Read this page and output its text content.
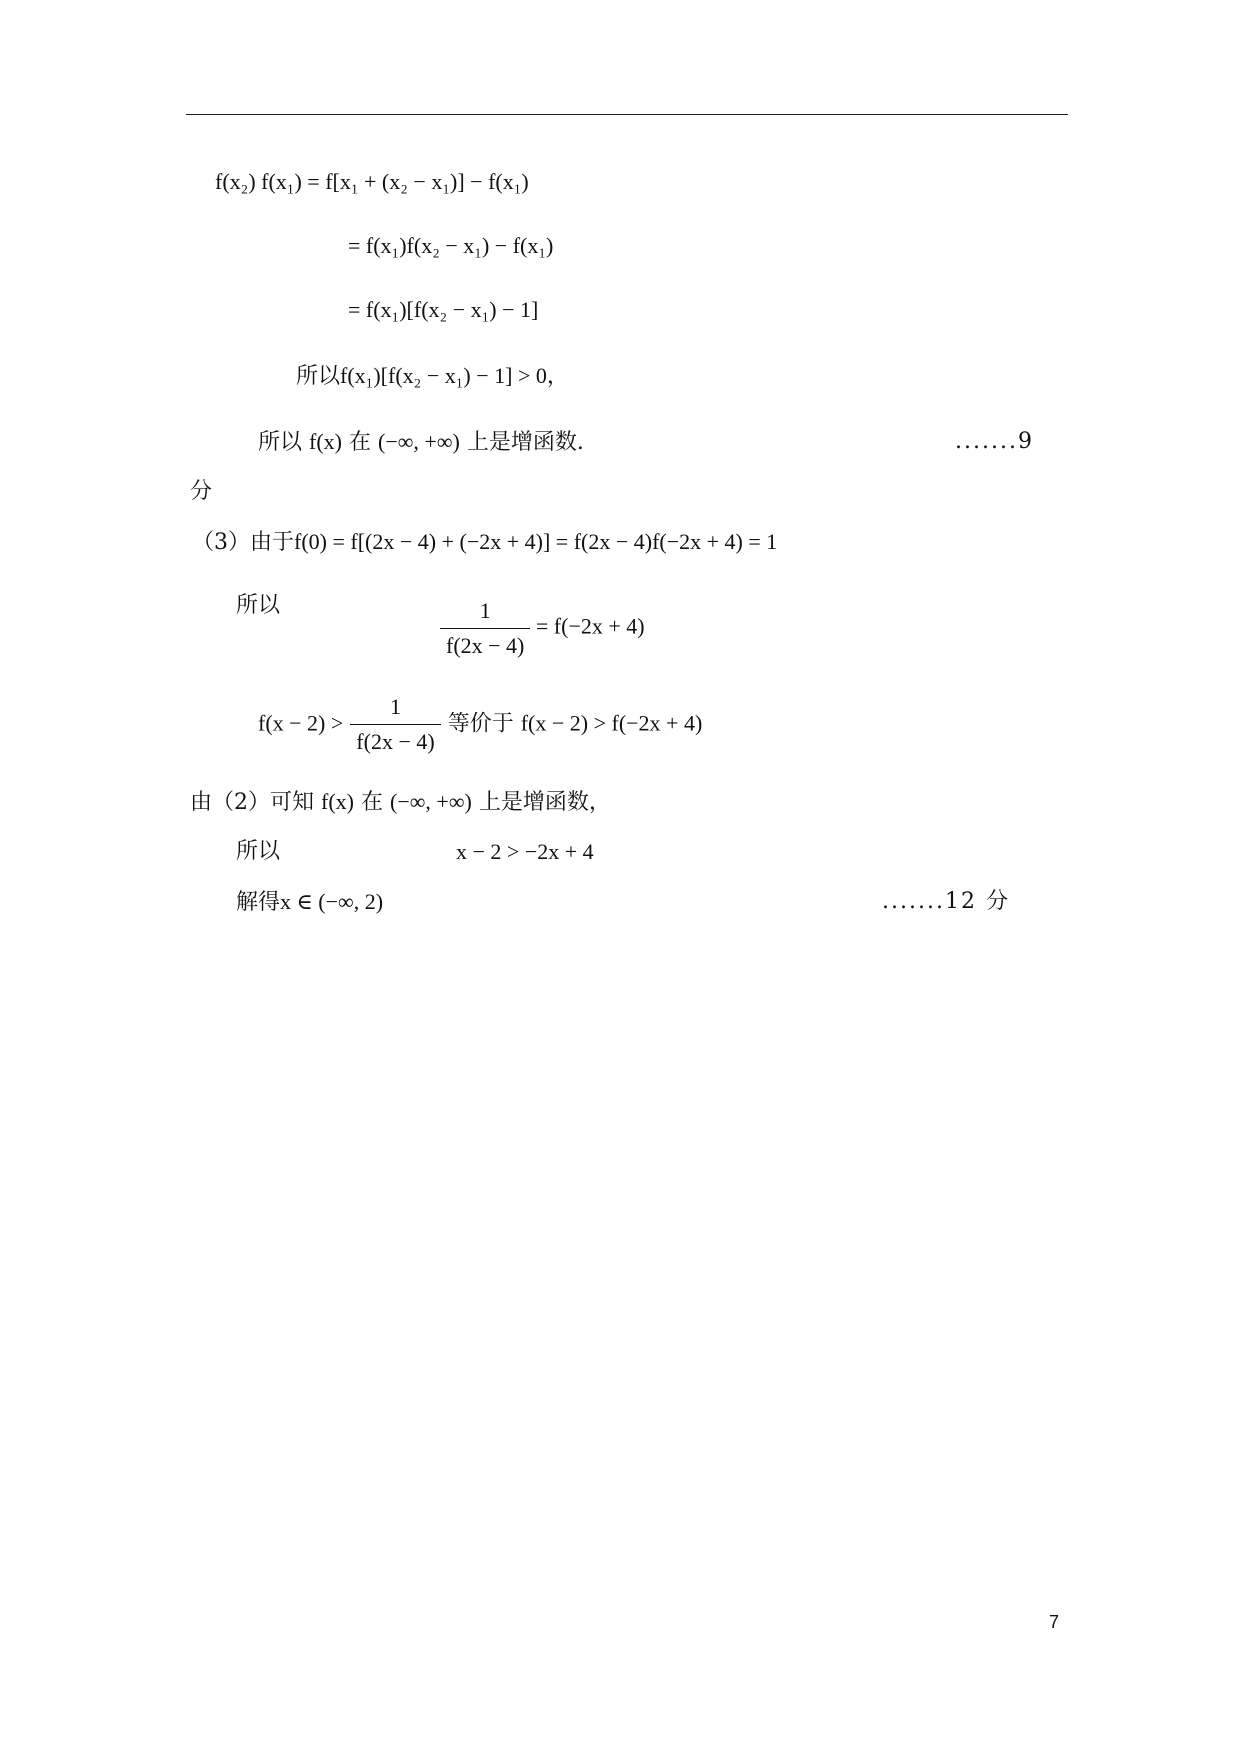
f(x₂) f(x₁) = f[x₁ + (x₂ − x₁)] − f(x₁)
= f(x₁)f(x₂ − x₁) − f(x₁)
= f(x₁)[f(x₂ − x₁) − 1]
所以f(x₁)[f(x₂ − x₁) − 1] > 0，
所以 f(x) 在 (−∞, +∞) 上是增函数.	.......9
分
（3）由于f(0) = f[(2x − 4) + (−2x + 4)] = f(2x − 4)f(−2x + 4) = 1
所以	$\frac{1}{f(2x - 4)} = f(-2x + 4)$
$f(x - 2) > \frac{1}{f(2x - 4)}$ 等价于 f(x − 2) > f(−2x + 4)
由（2）可知 f(x) 在 (−∞, +∞) 上是增函数，
所以	x − 2 > −2x + 4
解得x ∈ (−∞, 2)	.......12 分
7
